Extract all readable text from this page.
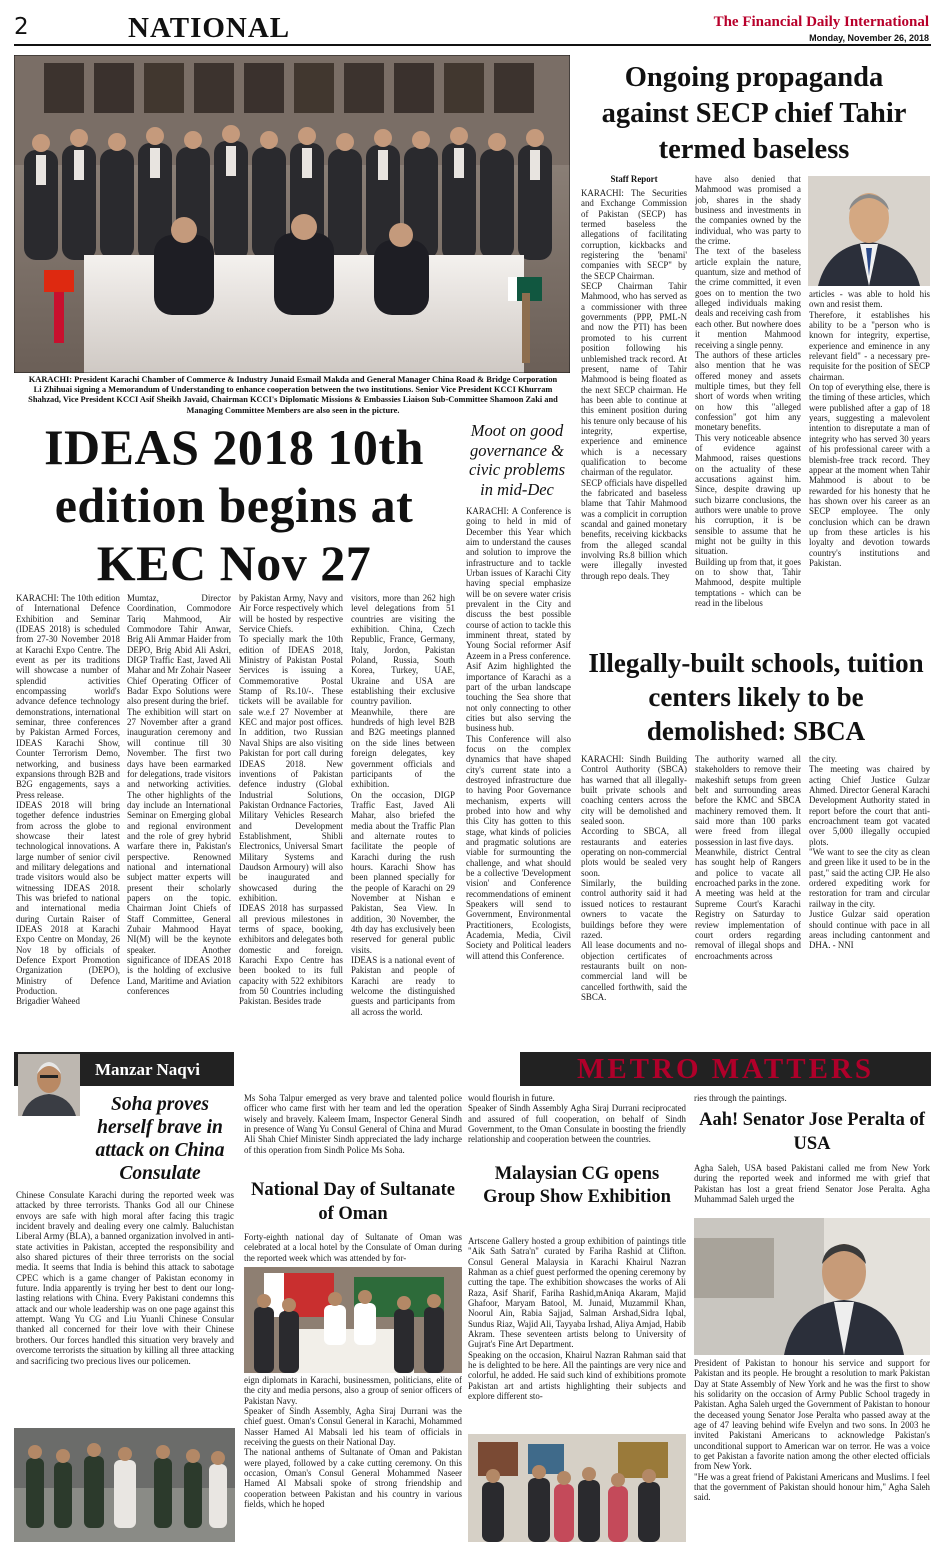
2	NATIONAL	The Financial Daily International
Monday, November 26, 2018
KARACHI: President Karachi Chamber of Commerce & Industry Junaid Esmail Makda and General Manager China Road & Bridge Corporation Li Zhihuai signing a Memorandum of Understanding to enhance cooperation between the two institutions. Senior Vice President KCCI Khurram Shahzad, Vice President KCCI Asif Sheikh Javaid, Chairman KCCI's Diplomatic Missions & Embassies Liaison Sub-Committee Shamoon Zaki and Managing Committee Members are also seen in the picture.
Ongoing propaganda against SECP chief Tahir termed baseless
Staff Report
KARACHI: The Securities and Exchange Commission of Pakistan (SECP) has termed baseless the allegations of facilitating corruption, kickbacks and registering the 'benami' companies with SECP" by the SECP Chairman.
SECP Chairman Tahir Mahmood, who has served as a commissioner with three governments (PPP, PML-N and now the PTI) has been promoted to his current position following his unblemished track record. At present, name of Tahir Mahmood is being floated as the next SECP chairman. He has been able to continue at this eminent position during his tenure only because of his integrity, expertise, experience and eminence which is a necessary qualification to become chairman of the regulator.
SECP officials have dispelled the fabricated and baseless blame that Tahir Mahmood was a complicit in corruption scandal and gained monetary benefits, receiving kickbacks from the alleged scandal involving Rs.8 billion which were illegally invested through repo deals. They
have also denied that Mahmood was promised a job, shares in the shady business and investments in the companies owned by the individual, who was party to the crime.
The text of the baseless article explain the nature, quantum, size and method of the crime committed, it even goes on to mention the two alleged individuals making deals and receiving cash from each other. But nowhere does it mention Mahmood receiving a single penny.
The authors of these articles also mention that he was offered money and assets multiple times, but they fell short of words when writing on how this "alleged confession" got him any monetary benefits.
This very noticeable absence of evidence against Mahmood, raises questions on the actuality of these accusations against him. Since, despite drawing up such bizarre conclusions, the authors were unable to prove his corruption, it is be sensible to assume that he might not be guilty in this situation.
Building up from that, it goes on to show that, Tahir Mahmood, despite multiple temptations - which can be read in the libelous
articles - was able to hold his own and resist them.
Therefore, it establishes his ability to be a "person who is known for integrity, expertise, experience and eminence in any relevant field" - a necessary pre-requisite for the position of SECP chairman.
On top of everything else, there is the timing of these articles, which were published after a gap of 18 years, suggesting a malevolent intention to disreputate a man of integrity who has served 30 years of his professional career with a blemish-free track record. They appear at the moment when Tahir Mahmood is about to be rewarded for his honesty that he has shown over his career as an SECP employee. The only conclusion which can be drawn up from these articles is his loyalty and devotion towards country's institutions and Pakistan.
IDEAS 2018 10th edition begins at KEC Nov 27
KARACHI: The 10th edition of International Defence Exhibition and Seminar (IDEAS 2018) is scheduled from 27-30 November 2018 at Karachi Expo Centre. The event as per its traditions will showcase a number of splendid activities encompassing world's advance defence technology demonstrations, international seminar, three conferences by Pakistan Armed Forces, IDEAS Karachi Show, Counter Terrorism Demo, networking, and business expansions through B2B and B2G engagements, says a Press release.
IDEAS 2018 will bring together defence industries from across the globe to showcase their latest technological innovations. A large number of senior civil and military delegations and trade visitors would also be witnessing IDEAS 2018. This was briefed to national and international media during Curtain Raiser of IDEAS 2018 at Karachi Expo Centre on Monday, 26 Nov 18 by officials of Defence Export Promotion Organization (DEPO), Ministry of Defence Production.
Brigadier Waheed
Mumtaz, Director Coordination, Commodore Tariq Mahmood, Air Commodore Tahir Anwar, Brig Ali Ammar Haider from DEPO, Brig Abid Ali Askri, DIGP Traffic East, Javed Ali Mahar and Mr Zohair Naseer Chief Operating Officer of Badar Expo Solutions were also present during the brief.
The exhibition will start on 27 November after a grand inauguration ceremony and will continue till 30 November. The first two days have been earmarked for delegations, trade visitors and networking activities. The other highlights of the day include an International Seminar on Emerging global and regional environment and the role of grey hybrid warfare there in, Pakistan's perspective. Renowned national and international subject matter experts will present their scholarly papers on the topic. Chairman Joint Chiefs of Staff Committee, General Zubair Mahmood Hayat NI(M) will be the keynote speaker. Another significance of IDEAS 2018 is the holding of exclusive Land, Maritime and Aviation conferences
by Pakistan Army, Navy and Air Force respectively which will be hosted by respective Service Chiefs.
To specially mark the 10th edition of IDEAS 2018, Ministry of Pakistan Postal Services is issuing a Commemorative Postal Stamp of Rs.10/-. These tickets will be available for sale w.e.f 27 November at KEC and major post offices. In addition, two Russian Naval Ships are also visiting Pakistan for port call during IDEAS 2018. New inventions of Pakistan defence industry (Global Industrial Solutions, Pakistan Ordnance Factories, Military Vehicles Research and Development Establishment, Shibli Electronics, Universal Smart Military Systems and Daudson Armoury) will also be inaugurated and showcased during the exhibition.
IDEAS 2018 has surpassed all previous milestones in terms of space, booking, exhibitors and delegates both domestic and foreign. Karachi Expo Centre has been booked to its full capacity with 522 exhibitors from 50 Countries including Pakistan. Besides trade
visitors, more than 262 high level delegations from 51 countries are visiting the exhibition. China, Czech Republic, France, Germany, Italy, Jordon, Pakistan Poland, Russia, South Korea, Turkey, UAE, Ukraine and USA are establishing their exclusive country pavilion.
Meanwhile, there are hundreds of high level B2B and B2G meetings planned on the side lines between foreign delegates, key government officials and participants of the exhibition.
On the occasion, DIGP Traffic East, Javed Ali Mahar, also briefed the media about the Traffic Plan and alternate routes to facilitate the people of Karachi during the rush hours. Karachi Show has been planned specially for the people of Karachi on 29 November at Nishan e Pakistan, Sea View. In addition, 30 November, the 4th day has exclusively been reserved for general public visits.
IDEAS is a national event of Pakistan and people of Karachi are ready to welcome the distinguished guests and participants from all across the world.
Moot on good governance & civic problems in mid-Dec
KARACHI: A Conference is going to held in mid of December this Year which aim to understand the causes and solution to improve the infrastructure and to tackle Urban issues of Karachi City having special emphasize will be on severe water crisis prevalent in the City and discuss the best possible course of action to tackle this imminent threat, stated by Young Social reformer Asif Azeem in a Press conference.
Asif Azim highlighted the importance of Karachi as a part of the urban landscape touching the Sea shore that not only connecting to other cities but also serving the business hub.
This Conference will also focus on the complex dynamics that have shaped city's current state into a destroyed infrastructure due to having Poor Governance mechanism, experts will probed into how and why this City has gotten to this stage, what kinds of policies and pragmatic solutions are viable for surmounting the challenge, and what should be a collective 'Development vision' and Conference recommendations of eminent Speakers will send to Government, Environmental Practitioners, Ecologists, Academia, Media, Civil Society and Political leaders will attend this Conference.
Illegally-built schools, tuition centers likely to be demolished: SBCA
KARACHI: Sindh Building Control Authority (SBCA) has warned that all illegally-built private schools and coaching centers across the city will be demolished and sealed soon.
According to SBCA, all restaurants and eateries operating on non-commercial plots would be sealed very soon.
Similarly, the building control authority said it had issued notices to restaurant owners to vacate the buildings before they were razed.
All lease documents and no-objection certificates of restaurants built on non-commercial land will be cancelled forthwith, said the SBCA.
The authority warned all stakeholders to remove their makeshift setups from green belt and surrounding areas before the KMC and SBCA machinery removed them. It said more than 100 parks were freed from illegal possession in last five days.
Meanwhile, district Central has sought help of Rangers and police to vacate all encroached parks in the zone.
A meeting was held at the Supreme Court's Karachi Registry on Saturday to review implementation of court orders regarding removal of illegal shops and encroachments across
the city.
The meeting was chaired by acting Chief Justice Gulzar Ahmed. Director General Karachi Development Authority stated in report before the court that anti-encroachment team got vacated over 5,000 illegally occupied plots.
"We want to see the city as clean and green like it used to be in the past," said the acting CJP. He also ordered expediting work for restoration for tram and circular railway in the city.
Justice Gulzar said operation should continue with pace in all areas including cantonment and DHA. - NNI
Manzar Naqvi	METRO MATTERS
Soha proves herself brave in attack on China Consulate
Chinese Consulate Karachi during the reported week was attacked by three terrorists. Thanks God all our Chinese envoys are safe with high moral after facing this tragic incident bravely and dealing every one calmly. Baluchistan Liberal Army (BLA), a banned organization involved in anti-state activities in Pakistan, accepted the responsibility and also shared pictures of their three terrorists on the social media. It seems that India is behind this attack to sabotage CPEC which is a game changer of Pakistan economy in future. India apparently is trying her best to dent our long-lasting relations with China. Every Pakistani condemns this attack and our whole leadership was on one page against this attempt. Wang Yu CG and Liu Yuanli Chinese Consular thanked all concerned for their love with their Chinese brothers. Our forces handled this situation very bravely and overcome terrorists the situation by killing all three attacking and sacrificing two precious lives our policemen.
Ms Soha Talpur emerged as very brave and talented police officer who came first with her team and led the operation wisely and bravely. Kaleem Imam, Inspector General Sindh in presence of Wang Yu Consul General of China and Murad Ali Shah Chief Minister Sindh appreciated the lady incharge of this operation from Sindh Police Ms Soha.
National Day of Sultanate of Oman
Forty-eighth national day of Sultanate of Oman was celebrated at a local hotel by the Consulate of Oman during the reported week which was attended by for-
eign diplomats in Karachi, businessmen, politicians, elite of the city and media persons, also a group of senior officers of Pakistan Navy.
Speaker of Sindh Assembly, Agha Siraj Durrani was the chief guest. Oman's Consul General in Karachi, Mohammed Nasser Hamed Al Mabsali led his team of officials in receiving the guests on their National Day.
The national anthems of Sultanate of Oman and Pakistan were played, followed by a cake cutting ceremony. On this occasion, Oman's Consul General Mohammed Naseer Hamed Al Mabsali spoke of strong friendship and cooperation between Pakistan and his country in various fields, which he hoped
would flourish in future.
Speaker of Sindh Assembly Agha Siraj Durrani reciprocated and assured of full cooperation, on behalf of Sindh Government, to the Oman Consulate in boosting the friendly relationship and cooperation between the countries.
Malaysian CG opens Group Show Exhibition
Artscene Gallery hosted a group exhibition of paintings title "Aik Sath Satra'n" curated by Fariha Rashid at Clifton. Consul General Malaysia in Karachi Khairul Nazran Rahman as a chief guest performed the opening ceremony by cutting the tape. The exhibition showcases the works of Ali Raza, Asif Sharif, Fariha Rashid,mAniqa Akaram, Majid Ghafoor, Maryam Batool, M. Junaid, Muzammil Khan, Noorul Ain, Rabia Sajjad, Salman Arshad,Sidra Iqbal, Sundus Riaz, Wajid Ali, Tayyaba Irshad, Aliya Amjad, Habib Akram. These seventeen artists belong to University of Gujrat's Fine Art Department.
Speaking on the occasion, Khairul Nazran Rahman said that he is delighted to be here. All the paintings are very nice and colorful, he added. He said such kind of exhibitions promote Pakistan art and artists highlighting their subjects and explore different sto-
ries through the paintings.
Aah! Senator Jose Peralta of USA
Agha Saleh, USA based Pakistani called me from New York during the reported week and informed me with grief that Pakistan has lost a great friend Senator Jose Peralta. Agha Muhammad Saleh urged the
President of Pakistan to honour his service and support for Pakistan and its people. He brought a resolution to mark Pakistan Day at State Assembly of New York and he was the first to show his solidarity on the occasion of Army Public School tragedy in Pakistan. Agha Saleh urged the Government of Pakistan to honour the deceased young Senator Jose Peralta who passed away at the age of 47 leaving behind wife Evelyn and two sons. In 2003 he invited Pakistani Americans to acknowledge Pakistan's unconditional support to American war on terror. He was a voice to get Pakistan a favorite nation among the other elected officials from New York.
"He was a great friend of Pakistani Americans and Muslims. I feel that the government of Pakistan should honour him," Agha Saleh said.
